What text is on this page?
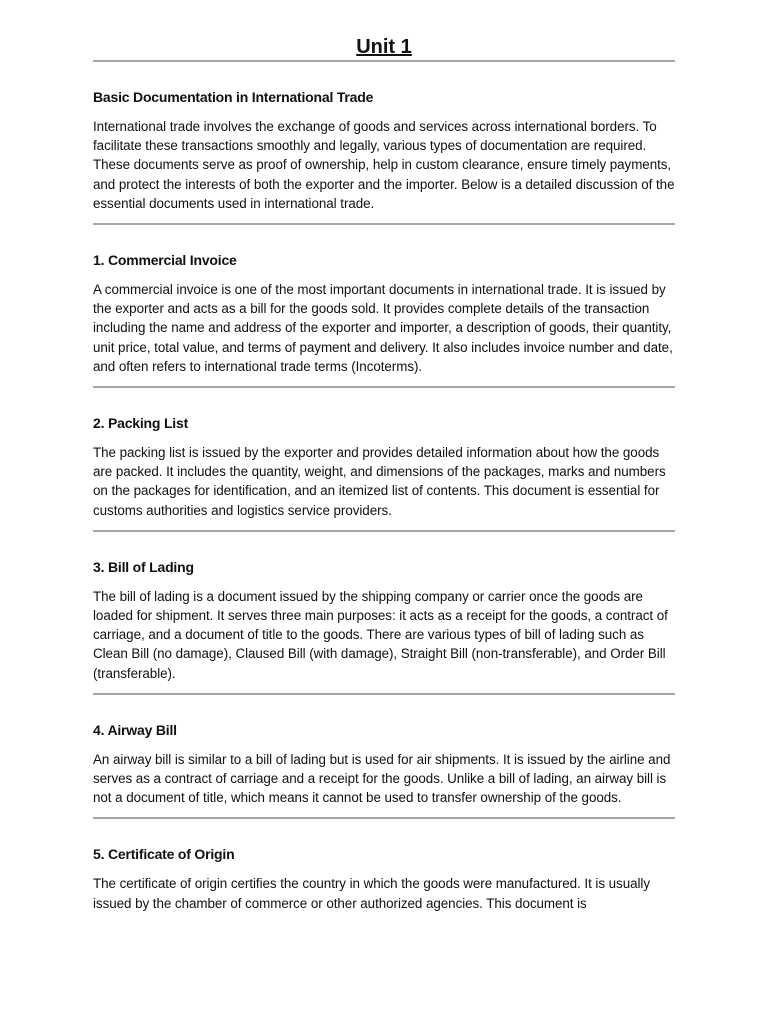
Unit 1
Basic Documentation in International Trade

International trade involves the exchange of goods and services across international borders. To facilitate these transactions smoothly and legally, various types of documentation are required. These documents serve as proof of ownership, help in custom clearance, ensure timely payments, and protect the interests of both the exporter and the importer. Below is a detailed discussion of the essential documents used in international trade.

1. Commercial Invoice

A commercial invoice is one of the most important documents in international trade. It is issued by the exporter and acts as a bill for the goods sold. It provides complete details of the transaction including the name and address of the exporter and importer, a description of goods, their quantity, unit price, total value, and terms of payment and delivery. It also includes invoice number and date, and often refers to international trade terms (Incoterms).

2. Packing List

The packing list is issued by the exporter and provides detailed information about how the goods are packed. It includes the quantity, weight, and dimensions of the packages, marks and numbers on the packages for identification, and an itemized list of contents. This document is essential for customs authorities and logistics service providers.

3. Bill of Lading

The bill of lading is a document issued by the shipping company or carrier once the goods are loaded for shipment. It serves three main purposes: it acts as a receipt for the goods, a contract of carriage, and a document of title to the goods. There are various types of bill of lading such as Clean Bill (no damage), Claused Bill (with damage), Straight Bill (non-transferable), and Order Bill (transferable).

4. Airway Bill

An airway bill is similar to a bill of lading but is used for air shipments. It is issued by the airline and serves as a contract of carriage and a receipt for the goods. Unlike a bill of lading, an airway bill is not a document of title, which means it cannot be used to transfer ownership of the goods.

5. Certificate of Origin

The certificate of origin certifies the country in which the goods were manufactured. It is usually issued by the chamber of commerce or other authorized agencies. This document is
